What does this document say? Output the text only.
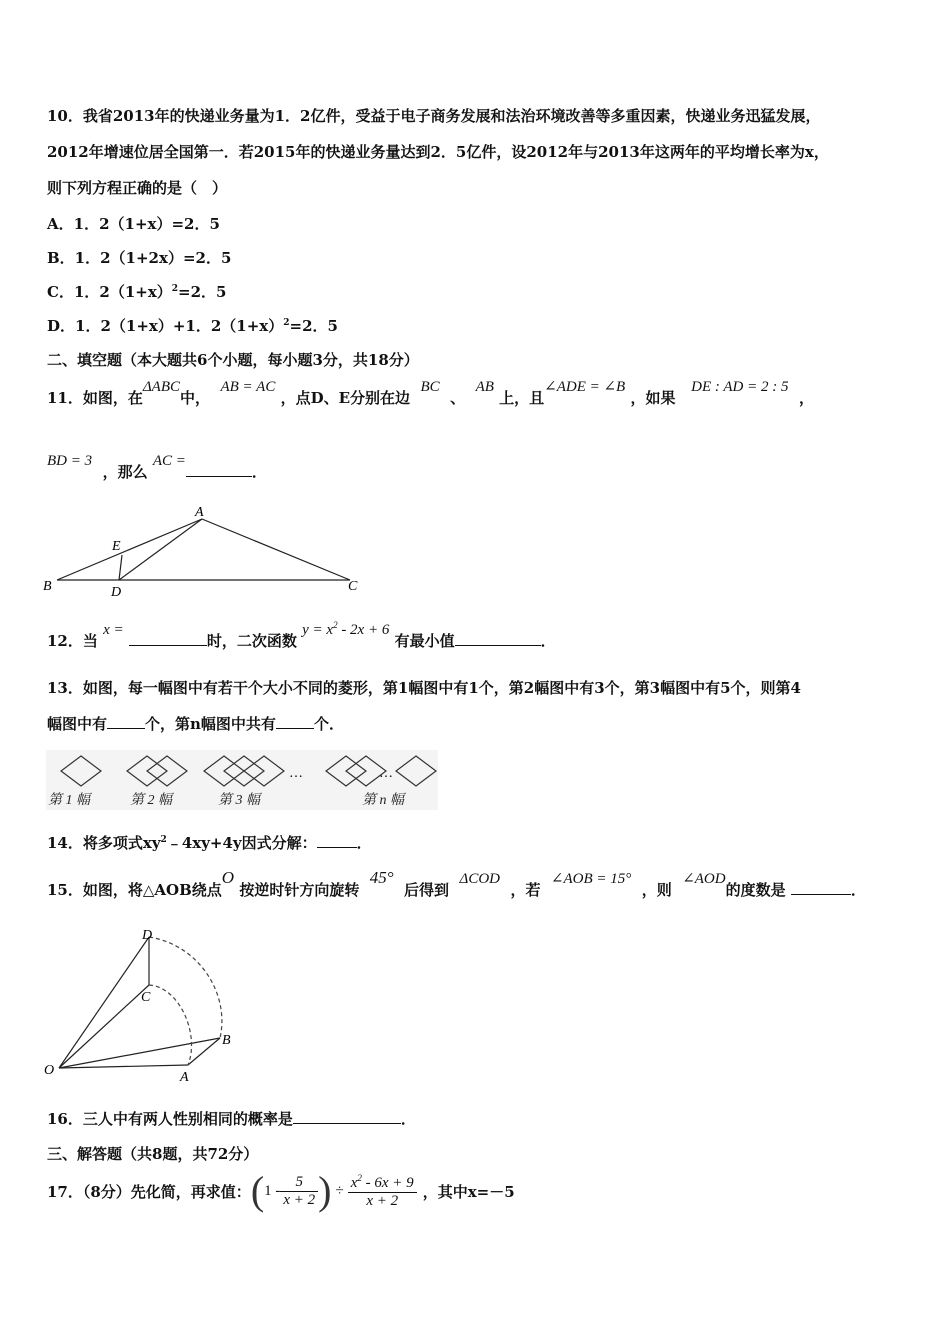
10．我省2013年的快递业务量为1．2亿件，受益于电子商务发展和法治环境改善等多重因素，快递业务迅猛发展，
2012年增速位居全国第一．若2015年的快递业务量达到2．5亿件，设2012年与2013年这两年的平均增长率为x，
则下列方程正确的是（　）
A．1．2（1+x）=2．5
B．1．2（1+2x）=2．5
C．1．$2(1+x)^2=2$．5
D．1．2（1+x）+1．$2(1+x)^2=2$．5
二、填空题（本大题共6个小题，每小题3分，共18分）
11．如图，在ΔABC中，  AB = AC ，点D、E分别在边  BC  、  AB 上，且∠ADE = ∠B ，如果   DE : AD = 2 : 5  ，
BD = 3  ，那么 AC =．
A
B	C
D
E
12．当 x = 时，二次函数 $y = x^2 - 2x + 6$ 有最小值	．
13．如图，每一幅图中有若干个大小不同的菱形，第1幅图中有1个，第2幅图中有3个，第3幅图中有5个，则第4
幅图中有	个，第n幅图中共有	个．
…	…
第 1 幅	第 2 幅	第 3 幅	第 n 幅
14．将多项式$xy^2﹣4xy+4y$因式分解：	．
15．如图，将△AOB绕点O 按逆时针方向旋转  45°  后得到  ΔCOD  ，若  ∠AOB = 15°  ，则  ∠AOD的度数是	．
O	A
B
C
D
16．三人中有两人性别相同的概率是	．
三、解答题（共8题，共72分）
17．（8分）先化简，再求值： ( $1 - \frac{5}{x + 2}$ ) ÷ $\frac{x^2 - 6x + 9}{x + 2}$ ，其中x=－5
